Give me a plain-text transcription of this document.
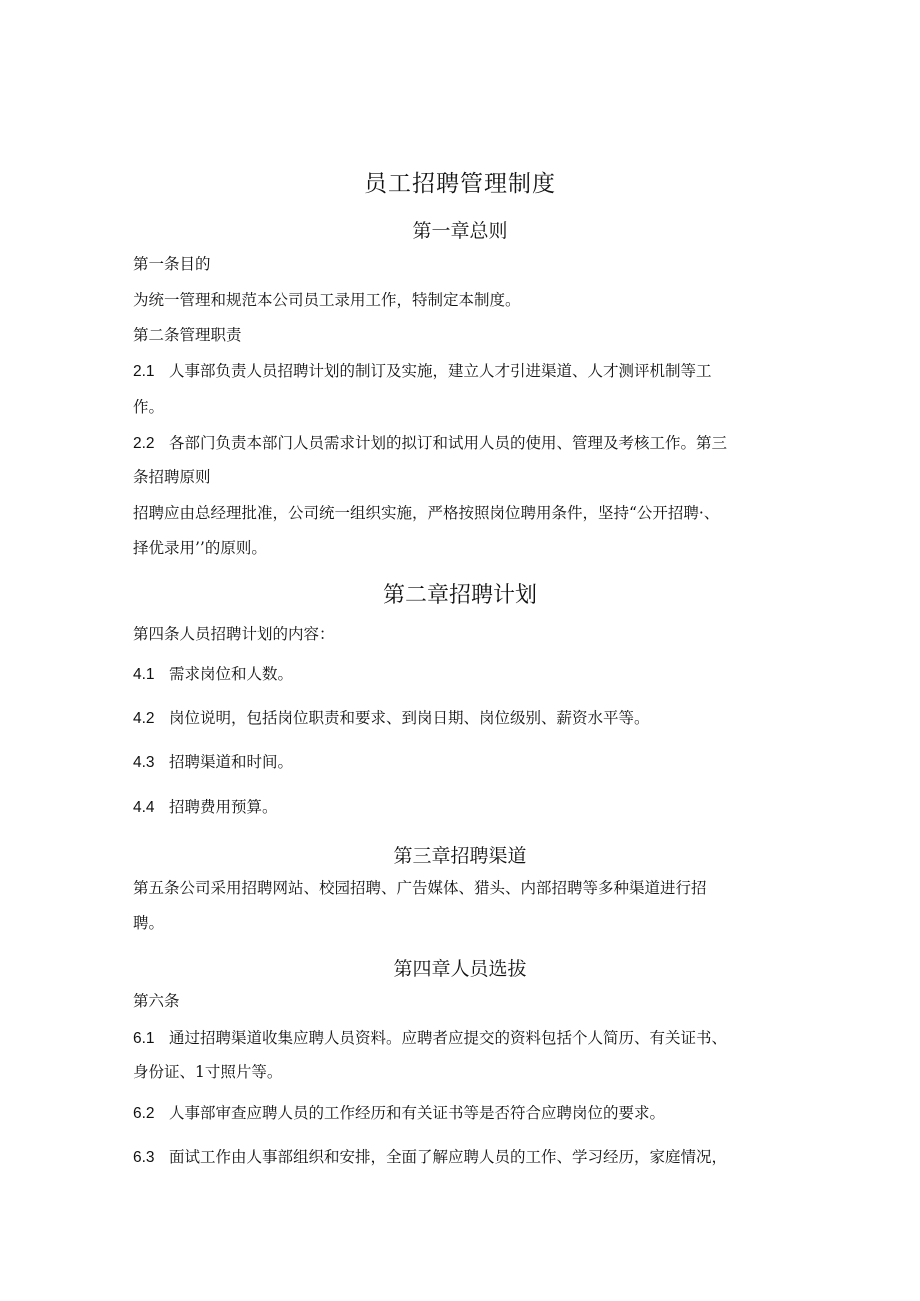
员工招聘管理制度
第一章总则
第一条目的
为统一管理和规范本公司员工录用工作，特制定本制度。
第二条管理职责
2.1 人事部负责人员招聘计划的制订及实施，建立人才引进渠道、人才测评机制等工
作。
2.2 各部门负责本部门人员需求计划的拟订和试用人员的使用、管理及考核工作。第三
条招聘原则
招聘应由总经理批准，公司统一组织实施，严格按照岗位聘用条件，坚持“公开招聘·、
择优录用’’的原则。
第二章招聘计划
第四条人员招聘计划的内容：
4.1 需求岗位和人数。
4.2 岗位说明，包括岗位职责和要求、到岗日期、岗位级别、薪资水平等。
4.3 招聘渠道和时间。
4.4 招聘费用预算。
第三章招聘渠道
第五条公司采用招聘网站、校园招聘、广告媒体、猎头、内部招聘等多种渠道进行招
聘。
第四章人员选拔
第六条
6.1 通过招聘渠道收集应聘人员资料。应聘者应提交的资料包括个人简历、有关证书、
身份证、1寸照片等。
6.2 人事部审查应聘人员的工作经历和有关证书等是否符合应聘岗位的要求。
6.3 面试工作由人事部组织和安排，全面了解应聘人员的工作、学习经历，家庭情况，
